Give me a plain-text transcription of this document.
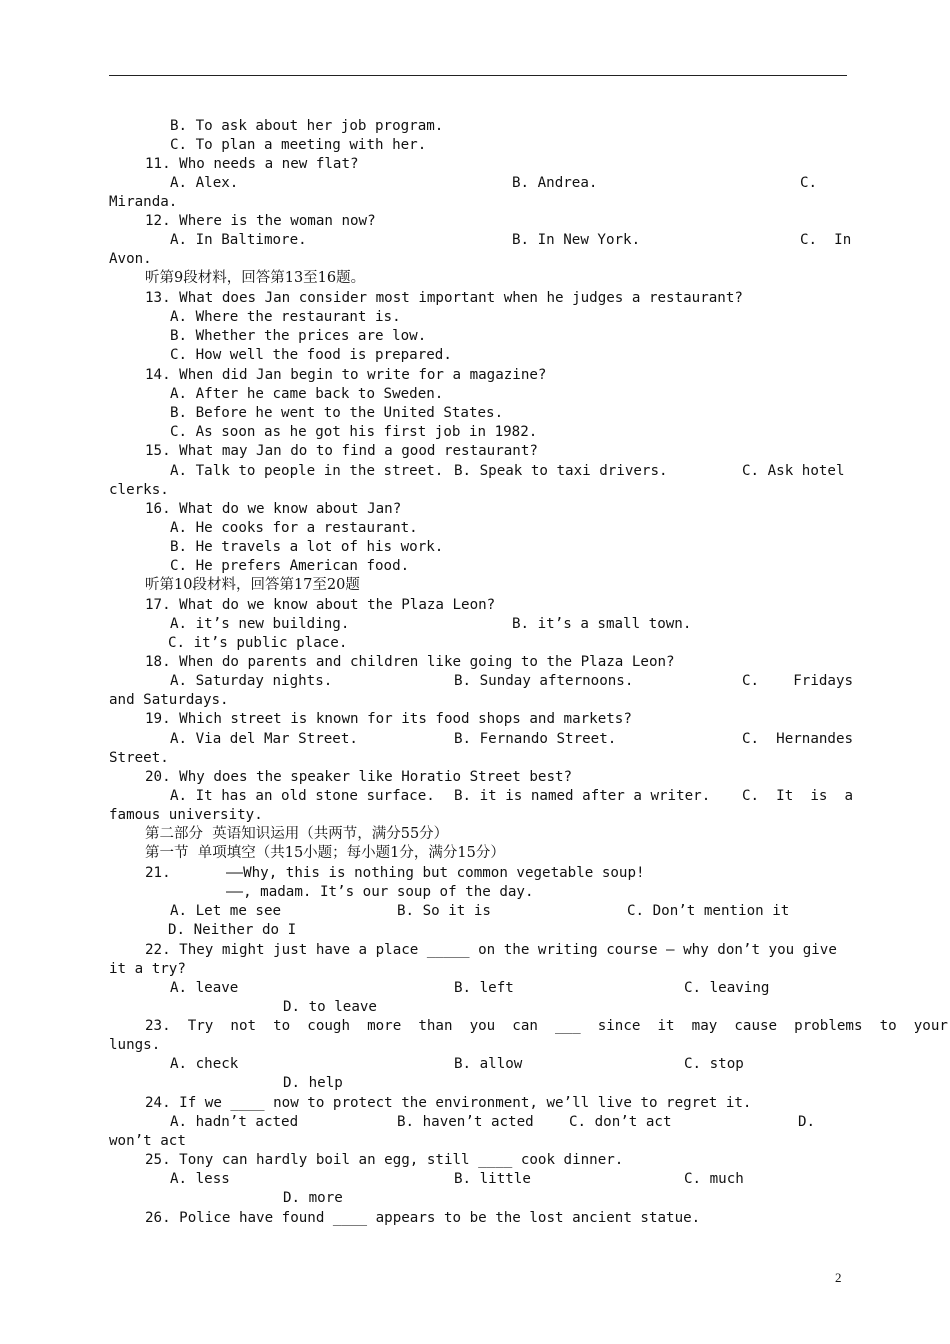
B. To ask about her job program.
C. To plan a meeting with her.
11. Who needs a new flat?
A. Alex.	B. Andrea.	C.
Miranda.
12. Where is the woman now?
A. In Baltimore.	B. In New York.	C.  In
Avon.
听第9段材料，回答第13至16题。
13. What does Jan consider most important when he judges a restaurant?
A. Where the restaurant is.
B. Whether the prices are low.
C. How well the food is prepared.
14. When did Jan begin to write for a magazine?
A. After he came back to Sweden.
B. Before he went to the United States.
C. As soon as he got his first job in 1982.
15. What may Jan do to find a good restaurant?
A. Talk to people in the street. B. Speak to taxi drivers.	C. Ask hotel
clerks.
16. What do we know about Jan?
A. He cooks for a restaurant.
B. He travels a lot of his work.
C. He prefers American food.
听第10段材料，回答第17至20题
17. What do we know about the Plaza Leon?
A. it’s new building.	B. it’s a small town.
C. it’s public place.
18. When do parents and children like going to the Plaza Leon?
A. Saturday nights.	B. Sunday afternoons.	C.    Fridays
and Saturdays.
19. Which street is known for its food shops and markets?
A. Via del Mar Street.	B. Fernando Street.	C.  Hernandes
Street.
20. Why does the speaker like Horatio Street best?
A. It has an old stone surface. B. it is named after a writer. C.  It  is  a
famous university.
第二部分  英语知识运用（共两节，满分55分）
第一节  单项填空（共15小题；每小题1分，满分15分）
21.	——Why, this is nothing but common vegetable soup!
——, madam. It’s our soup of the day.
A. Let me see	B. So it is	C. Don’t mention it
D. Neither do I
22. They might just have a place _____ on the writing course — why don’t you give
it a try?
A. leave	B. left	C. leaving
D. to leave
23.  Try  not  to  cough  more  than  you  can  ___  since  it  may  cause  problems  to  your
lungs.
A. check	B. allow	C. stop
D. help
24. If we ____ now to protect the environment, we’ll live to regret it.
A. hadn’t acted	B. haven’t acted C. don’t act	D.
won’t act
25. Tony can hardly boil an egg, still ____ cook dinner.
A. less	B. little	C. much
D. more
26. Police have found ____ appears to be the lost ancient statue.
2
